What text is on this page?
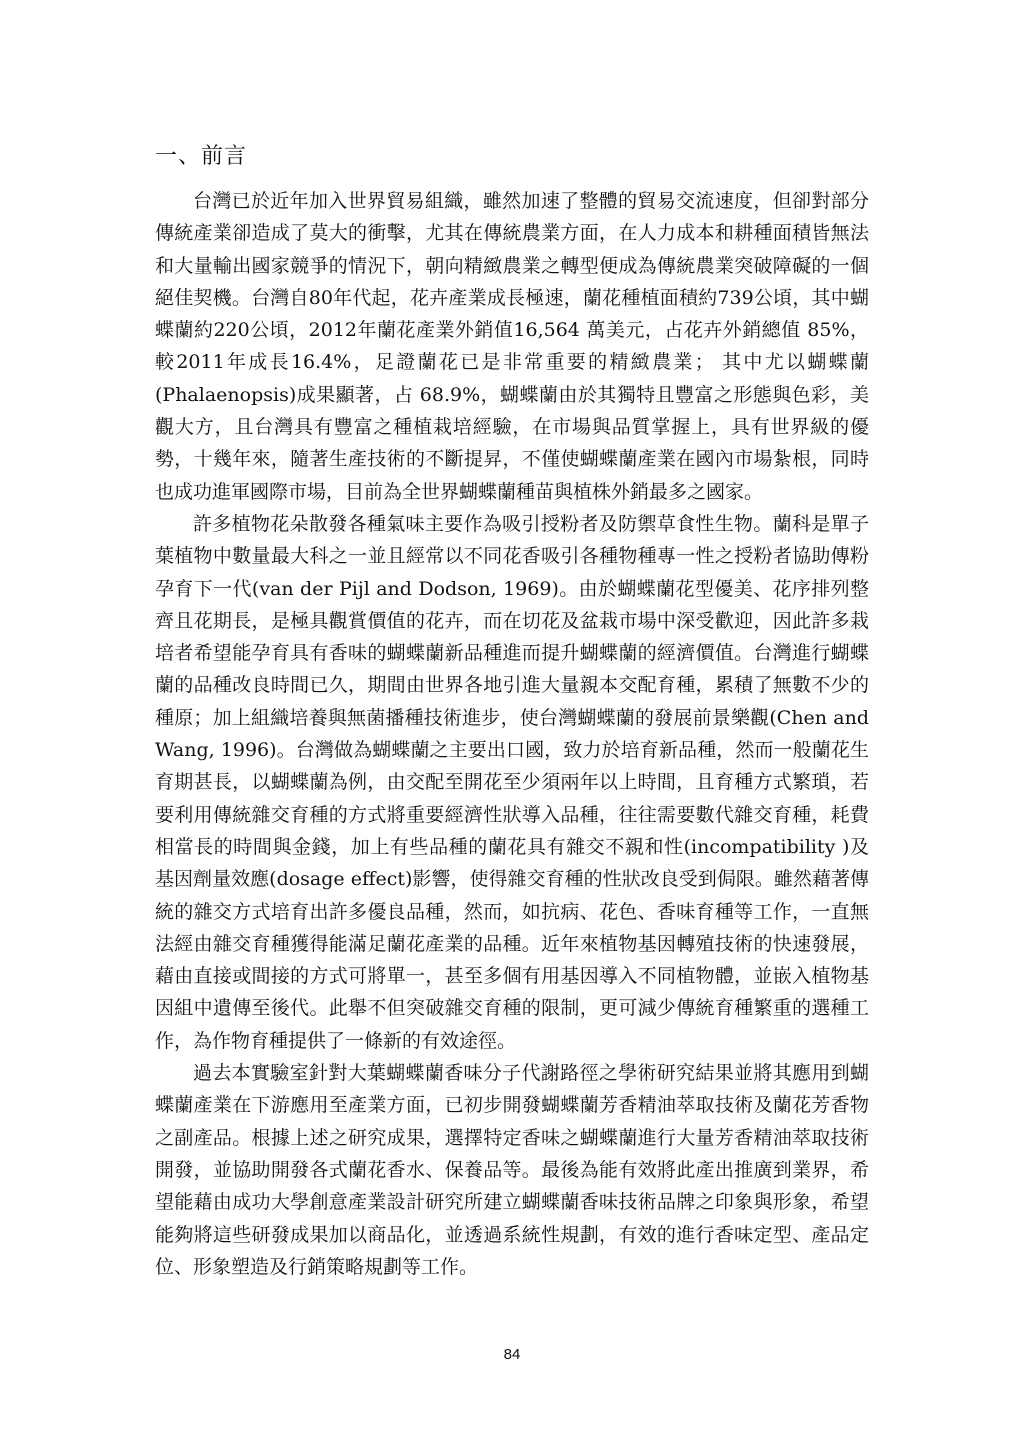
一、前言

台灣已於近年加入世界貿易組織，雖然加速了整體的貿易交流速度，但卻對部分傳統產業卻造成了莫大的衝擊，尤其在傳統農業方面，在人力成本和耕種面積皆無法和大量輸出國家競爭的情況下，朝向精緻農業之轉型便成為傳統農業突破障礙的一個絕佳契機。台灣自80年代起，花卉產業成長極速，蘭花種植面積約739公頃，其中蝴蝶蘭約220公頃，2012年蘭花產業外銷值16,564 萬美元，占花卉外銷總值 85%，較2011年成長16.4%，足證蘭花已是非常重要的精緻農業； 其中尤以蝴蝶蘭(Phalaenopsis)成果顯著，占 68.9%，蝴蝶蘭由於其獨特且豐富之形態與色彩，美觀大方，且台灣具有豐富之種植栽培經驗，在市場與品質掌握上，具有世界級的優勢，十幾年來，隨著生產技術的不斷提昇，不僅使蝴蝶蘭產業在國內市場紮根，同時也成功進軍國際市場，目前為全世界蝴蝶蘭種苗與植株外銷最多之國家。

許多植物花朵散發各種氣味主要作為吸引授粉者及防禦草食性生物。蘭科是單子葉植物中數量最大科之一並且經常以不同花香吸引各種物種專一性之授粉者協助傳粉孕育下一代(van der Pijl and Dodson, 1969)。由於蝴蝶蘭花型優美、花序排列整齊且花期長，是極具觀賞價值的花卉，而在切花及盆栽市場中深受歡迎，因此許多栽培者希望能孕育具有香味的蝴蝶蘭新品種進而提升蝴蝶蘭的經濟價值。台灣進行蝴蝶蘭的品種改良時間已久，期間由世界各地引進大量親本交配育種，累積了無數不少的種原；加上組織培養與無菌播種技術進步，使台灣蝴蝶蘭的發展前景樂觀(Chen and Wang, 1996)。台灣做為蝴蝶蘭之主要出口國，致力於培育新品種，然而一般蘭花生育期甚長，以蝴蝶蘭為例，由交配至開花至少須兩年以上時間，且育種方式繁瑣，若要利用傳統雜交育種的方式將重要經濟性狀導入品種，往往需要數代雜交育種，耗費相當長的時間與金錢，加上有些品種的蘭花具有雜交不親和性(incompatibility )及基因劑量效應(dosage effect)影響，使得雜交育種的性狀改良受到侷限。雖然藉著傳統的雜交方式培育出許多優良品種，然而，如抗病、花色、香味育種等工作，一直無法經由雜交育種獲得能滿足蘭花產業的品種。近年來植物基因轉殖技術的快速發展，藉由直接或間接的方式可將單一，甚至多個有用基因導入不同植物體，並嵌入植物基因組中遺傳至後代。此舉不但突破雜交育種的限制，更可減少傳統育種繁重的選種工作，為作物育種提供了一條新的有效途徑。

過去本實驗室針對大葉蝴蝶蘭香味分子代謝路徑之學術研究結果並將其應用到蝴蝶蘭產業在下游應用至產業方面，已初步開發蝴蝶蘭芳香精油萃取技術及蘭花芳香物之副產品。根據上述之研究成果，選擇特定香味之蝴蝶蘭進行大量芳香精油萃取技術開發，並協助開發各式蘭花香水、保養品等。最後為能有效將此產出推廣到業界，希望能藉由成功大學創意產業設計研究所建立蝴蝶蘭香味技術品牌之印象與形象，希望能夠將這些研發成果加以商品化，並透過系統性規劃，有效的進行香味定型、產品定位、形象塑造及行銷策略規劃等工作。

84
